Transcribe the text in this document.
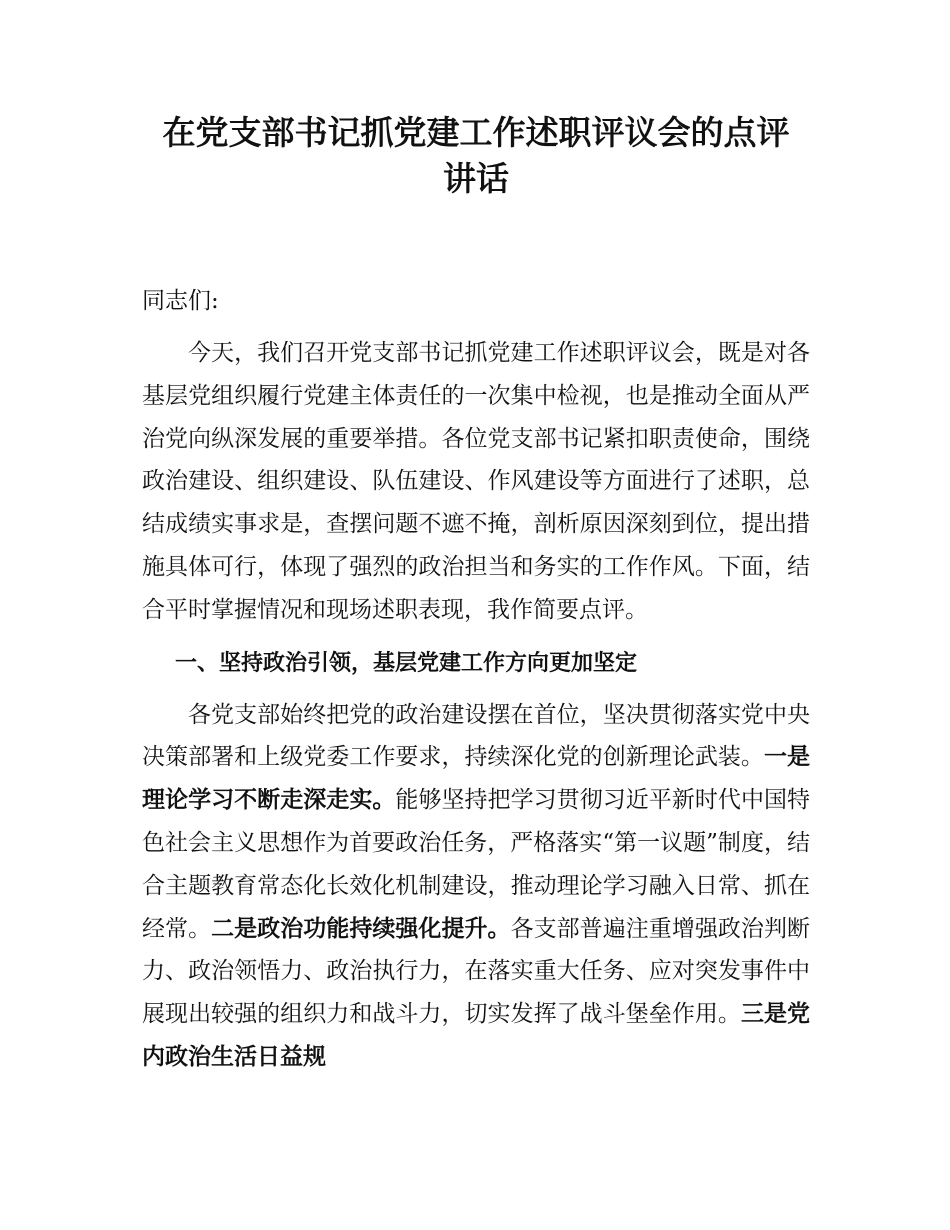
在党支部书记抓党建工作述职评议会的点评
讲话

同志们:

今天，我们召开党支部书记抓党建工作述职评议会，既是对各基层党组织履行党建主体责任的一次集中检视，也是推动全面从严治党向纵深发展的重要举措。各位党支部书记紧扣职责使命，围绕政治建设、组织建设、队伍建设、作风建设等方面进行了述职，总结成绩实事求是，查摆问题不遮不掩，剖析原因深刻到位，提出措施具体可行，体现了强烈的政治担当和务实的工作作风。下面，结合平时掌握情况和现场述职表现，我作简要点评。

一、坚持政治引领，基层党建工作方向更加坚定

各党支部始终把党的政治建设摆在首位，坚决贯彻落实党中央决策部署和上级党委工作要求，持续深化党的创新理论武装。一是理论学习不断走深走实。能够坚持把学习贯彻习近平新时代中国特色社会主义思想作为首要政治任务，严格落实“第一议题”制度，结合主题教育常态化长效化机制建设，推动理论学习融入日常、抓在经常。二是政治功能持续强化提升。各支部普遍注重增强政治判断力、政治领悟力、政治执行力，在落实重大任务、应对突发事件中展现出较强的组织力和战斗力，切实发挥了战斗堡垒作用。三是党内政治生活日益规
